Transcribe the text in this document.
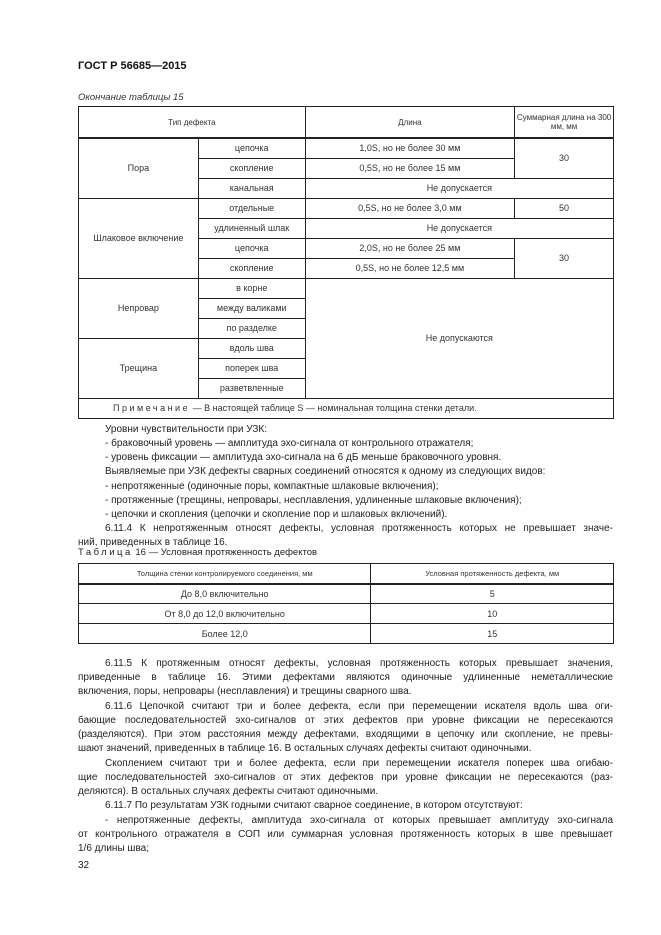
ГОСТ Р 56685—2015
Окончание таблицы 15
Тип дефекта		Длина	Суммарная длина на 300 мм, мм
Пора	цепочка	1,0S, но не более 30 мм	30
	скопление	0,5S, но не более 15 мм	
	канальная	Не допускается	
Шлаковое включение	отдельные	0,5S, но не более 3,0 мм	50
	удлиненный шлак	Не допускается	
	цепочка	2,0S, но не более 25 мм	30
	скопление	0,5S, но не более 12,5 мм	
Непровар	в корне	Не допускаются	
	между валиками		
	по разделке		
Трещина	вдоль шва		
	поперек шва		
	разветвленные		
Примечание — В настоящей таблице S — номинальная толщина стенки детали.			
Уровни чувствительности при УЗК:
- браковочный уровень — амплитуда эхо-сигнала от контрольного отражателя;
- уровень фиксации — амплитуда эхо-сигнала на 6 дБ меньше браковочного уровня.
Выявляемые при УЗК дефекты сварных соединений относятся к одному из следующих видов:
- непротяженные (одиночные поры, компактные шлаковые включения);
- протяженные (трещины, непровары, несплавления, удлиненные шлаковые включения);
- цепочки и скопления (цепочки и скопление пор и шлаковых включений).
6.11.4 К непротяженным относят дефекты, условная протяженность которых не превышает значе-
ний, приведенных в таблице 16.
Таблица 16 — Условная протяженность дефектов
Толщина стенки контролируемого соединения, мм	Условная протяженность дефекта, мм
До 8,0 включительно	5
От 8,0 до 12,0 включительно	10
Более 12,0	15
6.11.5 К протяженным относят дефекты, условная протяженность которых превышает значения,
приведенные в таблице 16. Этими дефектами являются одиночные удлиненные неметаллические
включения, поры, непровары (несплавления) и трещины сварного шва.
6.11.6 Цепочкой считают три и более дефекта, если при перемещении искателя вдоль шва оги-
бающие последовательностей эхо-сигналов от этих дефектов при уровне фиксации не пересекаются
(разделяются). При этом расстояния между дефектами, входящими в цепочку или скопление, не превы-
шают значений, приведенных в таблице 16. В остальных случаях дефекты считают одиночными.
Скоплением считают три и более дефекта, если при перемещении искателя поперек шва огибаю-
щие последовательностей эхо-сигналов от этих дефектов при уровне фиксации не пересекаются (раз-
деляются). В остальных случаях дефекты считают одиночными.
6.11.7 По результатам УЗК годными считают сварное соединение, в котором отсутствуют:
- непротяженные дефекты, амплитуда эхо-сигнала от которых превышает амплитуду эхо-сигнала
от контрольного отражателя в СОП или суммарная условная протяженность которых в шве превышает
1/6 длины шва;
32
